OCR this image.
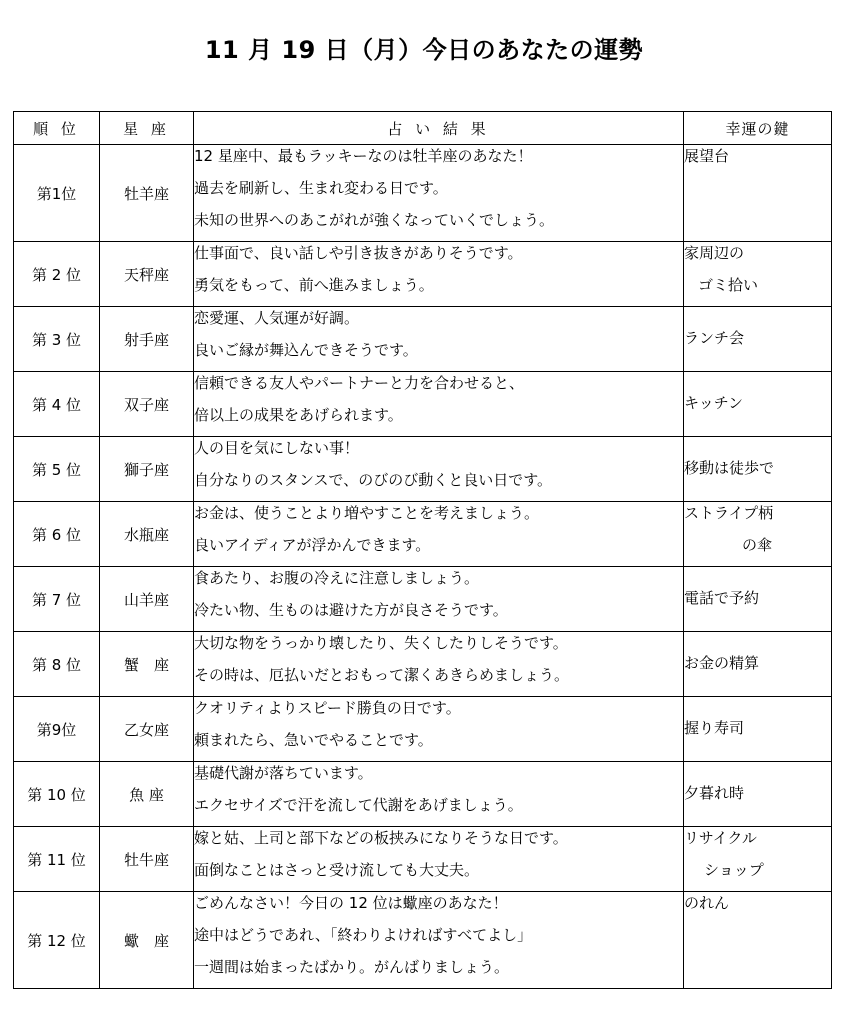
11 月 19 日（月）今日のあなたの運勢
順 位	星 座	占 い 結 果	幸運の鍵
第1位	牡羊座	12 星座中、最もラッキーなのは牡羊座のあなた！
過去を刷新し、生まれ変わる日です。
未知の世界へのあこがれが強くなっていくでしょう。	展望台

第 2 位	天秤座	仕事面で、良い話しや引き抜きがありそうです。
勇気をもって、前へ進みましょう。	家周辺の
ゴミ拾い

第 3 位	射手座	恋愛運、人気運が好調。
良いご縁が舞込んできそうです。	ランチ会

第 4 位	双子座	信頼できる友人やパートナーと力を合わせると、
倍以上の成果をあげられます。	キッチン

第 5 位	獅子座	人の目を気にしない事！
自分なりのスタンスで、のびのび動くと良い日です。	移動は徒歩で

第 6 位	水瓶座	お金は、使うことより増やすことを考えましょう。
良いアイディアが浮かんできます。	ストライプ柄
の傘

第 7 位	山羊座	食あたり、お腹の冷えに注意しましょう。
冷たい物、生ものは避けた方が良さそうです。	電話で予約

第 8 位	蟹　座	大切な物をうっかり壊したり、失くしたりしそうです。
その時は、厄払いだとおもって潔くあきらめましょう。	お金の精算

第9位	乙女座	クオリティよりスピード勝負の日です。
頼まれたら、急いでやることです。	握り寿司

第 10 位	魚 座	基礎代謝が落ちています。
エクセサイズで汗を流して代謝をあげましょう。	夕暮れ時

第 11 位	牡牛座	嫁と姑、上司と部下などの板挟みになりそうな日です。
面倒なことはさっと受け流しても大丈夫。	リサイクル
ショップ

第 12 位	蠍　座	ごめんなさい！今日の 12 位は蠍座のあなた！
途中はどうであれ、「終わりよければすべてよし」
一週間は始まったばかり。がんばりましょう。	のれん
